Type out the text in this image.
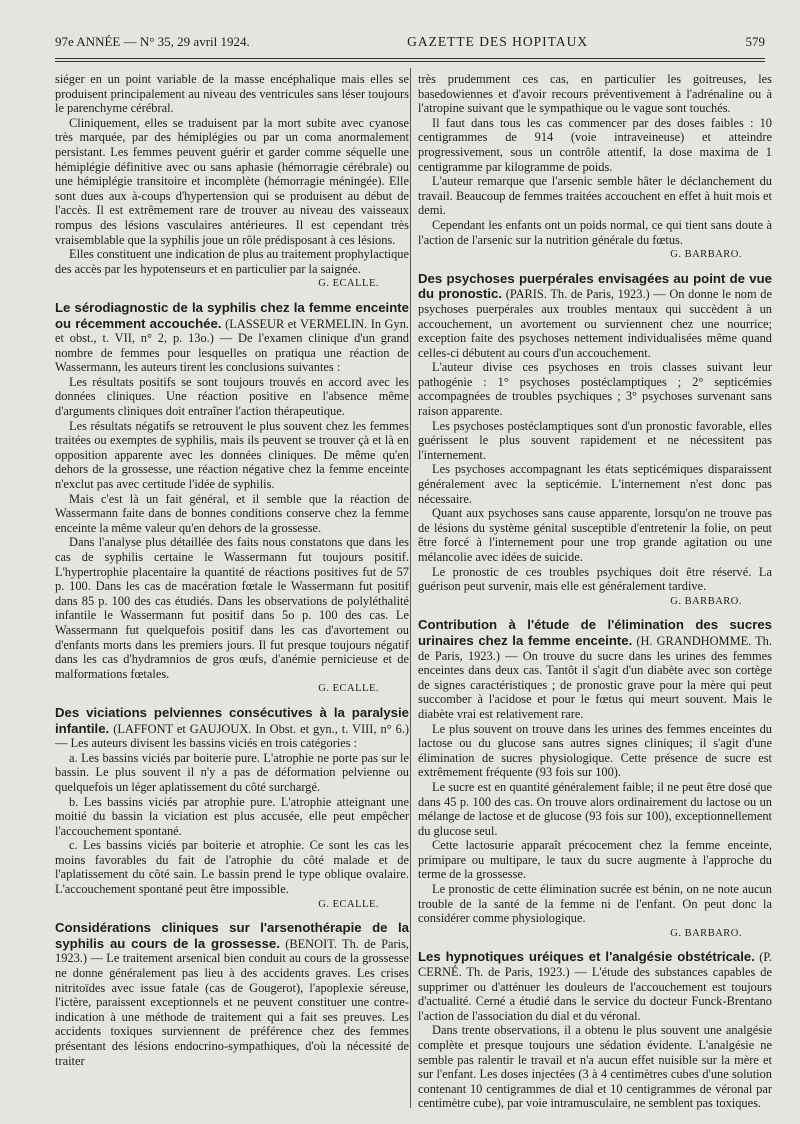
97e ANNÉE — N° 35, 29 avril 1924.	GAZETTE DES HOPITAUX	579

siéger en un point variable de la masse encéphalique mais elles se produisent principalement au niveau des ventricules sans léser toujours le parenchyme cérébral.

Cliniquement, elles se traduisent par la mort subite avec cyanose très marquée, par des hémiplégies ou par un coma anormalement persistant. Les femmes peuvent guérir et garder comme séquelle une hémiplégie définitive avec ou sans aphasie (hémorragie cérébrale) ou une hémiplégie transitoire et incomplète (hémorragie méningée). Elle sont dues aux à-coups d'hypertension qui se produisent au début de l'accès. Il est extrêmement rare de trouver au niveau des vaisseaux rompus des lésions vasculaires antérieures. Il est cependant très vraisemblable que la syphilis joue un rôle prédisposant à ces lésions.

Elles constituent une indication de plus au traitement prophylactique des accès par les hypotenseurs et en particulier par la saignée.

G. ECALLE.
Le sérodiagnostic de la syphilis chez la femme enceinte ou récemment accouchée. (LASSEUR et VERMELIN. In Gyn. et obst., t. VII, n° 2, p. 13o.) — De l'examen clinique d'un grand nombre de femmes pour lesquelles on pratiqua une réaction de Wassermann, les auteurs tirent les conclusions suivantes :

Les résultats positifs se sont toujours trouvés en accord avec les données cliniques. Une réaction positive en l'absence même d'arguments cliniques doit entraîner l'action thérapeutique.

Les résultats négatifs se retrouvent le plus souvent chez les femmes traitées ou exemptes de syphilis, mais ils peuvent se trouver çà et là en opposition apparente avec les données cliniques. De même qu'en dehors de la grossesse, une réaction négative chez la femme enceinte n'exclut pas avec certitude l'idée de syphilis.

Mais c'est là un fait général, et il semble que la réaction de Wassermann faite dans de bonnes conditions conserve chez la femme enceinte la même valeur qu'en dehors de la grossesse.

Dans l'analyse plus détaillée des faits nous constatons que dans les cas de syphilis certaine le Wassermann fut toujours positif. L'hypertrophie placentaire la quantité de réactions positives fut de 57 p. 100. Dans les cas de macération fœtale le Wassermann fut positif dans 85 p. 100 des cas étudiés. Dans les observations de polyléthalité infantile le Wassermann fut positif dans 5o p. 100 des cas. Le Wassermann fut quelquefois positif dans les cas d'avortement ou d'enfants morts dans les premiers jours. Il fut presque toujours négatif dans les cas d'hydramnios de gros œufs, d'anémie pernicieuse et de malformations fœtales.

G. ECALLE.
Des viciations pelviennes consécutives à la paralysie infantile. (LAFFONT et GAUJOUX. In Obst. et gyn., t. VIII, n° 6.) — Les auteurs divisent les bassins viciés en trois catégories :

a. Les bassins viciés par boiterie pure. L'atrophie ne porte pas sur le bassin. Le plus souvent il n'y a pas de déformation pelvienne ou quelquefois un léger aplatissement du côté surchargé.

b. Les bassins viciés par atrophie pure. L'atrophie atteignant une moitié du bassin la viciation est plus accusée, elle peut empêcher l'accouchement spontané.

c. Les bassins viciés par boiterie et atrophie. Ce sont les cas les moins favorables du fait de l'atrophie du côté malade et de l'aplatissement du côté sain. Le bassin prend le type oblique ovalaire. L'accouchement spontané peut être impossible.

G. ECALLE.
Considérations cliniques sur l'arsenothérapie de la syphilis au cours de la grossesse. (BENOIT. Th. de Paris, 1923.) — Le traitement arsenical bien conduit au cours de la grossesse ne donne généralement pas lieu à des accidents graves. Les crises nitritoïdes avec issue fatale (cas de Gougerot), l'apoplexie séreuse, l'ictère, paraissent exceptionnels et ne peuvent constituer une contre-indication à une méthode de traitement qui a fait ses preuves. Les accidents toxiques surviennent de préférence chez des femmes présentant des lésions endocrino-sympathiques, d'où la nécessité de traiter

très prudemment ces cas, en particulier les goitreuses, les basedowiennes et d'avoir recours préventivement à l'adrénaline ou à l'atropine suivant que le sympathique ou le vague sont touchés.

Il faut dans tous les cas commencer par des doses faibles : 10 centigrammes de 914 (voie intraveineuse) et atteindre progressivement, sous un contrôle attentif, la dose maxima de 1 centigramme par kilogramme de poids.

L'auteur remarque que l'arsenic semble hâter le déclanchement du travail. Beaucoup de femmes traitées accouchent en effet à huit mois et demi.

Cependant les enfants ont un poids normal, ce qui tient sans doute à l'action de l'arsenic sur la nutrition générale du fœtus.

G. BARBARO.
Des psychoses puerpérales envisagées au point de vue du pronostic. (PARIS. Th. de Paris, 1923.) — On donne le nom de psychoses puerpérales aux troubles mentaux qui succèdent à un accouchement, un avortement ou surviennent chez une nourrice; exception faite des psychoses nettement individualisées même quand celles-ci débutent au cours d'un accouchement.

L'auteur divise ces psychoses en trois classes suivant leur pathogénie : 1° psychoses postéclamptiques ; 2° septicémies accompagnées de troubles psychiques ; 3° psychoses survenant sans raison apparente.

Les psychoses postéclamptiques sont d'un pronostic favorable, elles guérissent le plus souvent rapidement et ne nécessitent pas l'internement.

Les psychoses accompagnant les états septicémiques disparaissent généralement avec la septicémie. L'internement n'est donc pas nécessaire.

Quant aux psychoses sans cause apparente, lorsqu'on ne trouve pas de lésions du système génital susceptible d'entretenir la folie, on peut être forcé à l'internement pour une trop grande agitation ou une mélancolie avec idées de suicide.

Le pronostic de ces troubles psychiques doit être réservé. La guérison peut survenir, mais elle est généralement tardive.

G. BARBARO.
Contribution à l'étude de l'élimination des sucres urinaires chez la femme enceinte. (H. GRANDHOMME. Th. de Paris, 1923.) — On trouve du sucre dans les urines des femmes enceintes dans deux cas. Tantôt il s'agit d'un diabète avec son cortège de signes caractéristiques ; de pronostic grave pour la mère qui peut succomber à l'acidose et pour le fœtus qui meurt souvent. Mais le diabète vrai est relativement rare.

Le plus souvent on trouve dans les urines des femmes enceintes du lactose ou du glucose sans autres signes cliniques; il s'agit d'une élimination de sucres physiologique. Cette présence de sucre est extrêmement fréquente (93 fois sur 100).

Le sucre est en quantité généralement faible; il ne peut être dosé que dans 45 p. 100 des cas. On trouve alors ordinairement du lactose ou un mélange de lactose et de glucose (93 fois sur 100), exceptionnellement du glucose seul.

Cette lactosurie apparaît précocement chez la femme enceinte, primipare ou multipare, le taux du sucre augmente à l'approche du terme de la grossesse.

Le pronostic de cette élimination sucrée est bénin, on ne note aucun trouble de la santé de la femme ni de l'enfant. On peut donc la considérer comme physiologique.

G. BARBARO.
Les hypnotiques uréiques et l'analgésie obstétricale. (P. CERNÉ. Th. de Paris, 1923.) — L'étude des substances capables de supprimer ou d'atténuer les douleurs de l'accouchement est toujours d'actualité. Cerné a étudié dans le service du docteur Funck-Brentano l'action de l'association du dial et du véronal.

Dans trente observations, il a obtenu le plus souvent une analgésie complète et presque toujours une sédation évidente. L'analgésie ne semble pas ralentir le travail et n'a aucun effet nuisible sur la mère et sur l'enfant. Les doses injectées (3 à 4 centimètres cubes d'une solution contenant 10 centigrammes de dial et 10 centigrammes de véronal par centimètre cube), par voie intramusculaire, ne semblent pas toxiques.
